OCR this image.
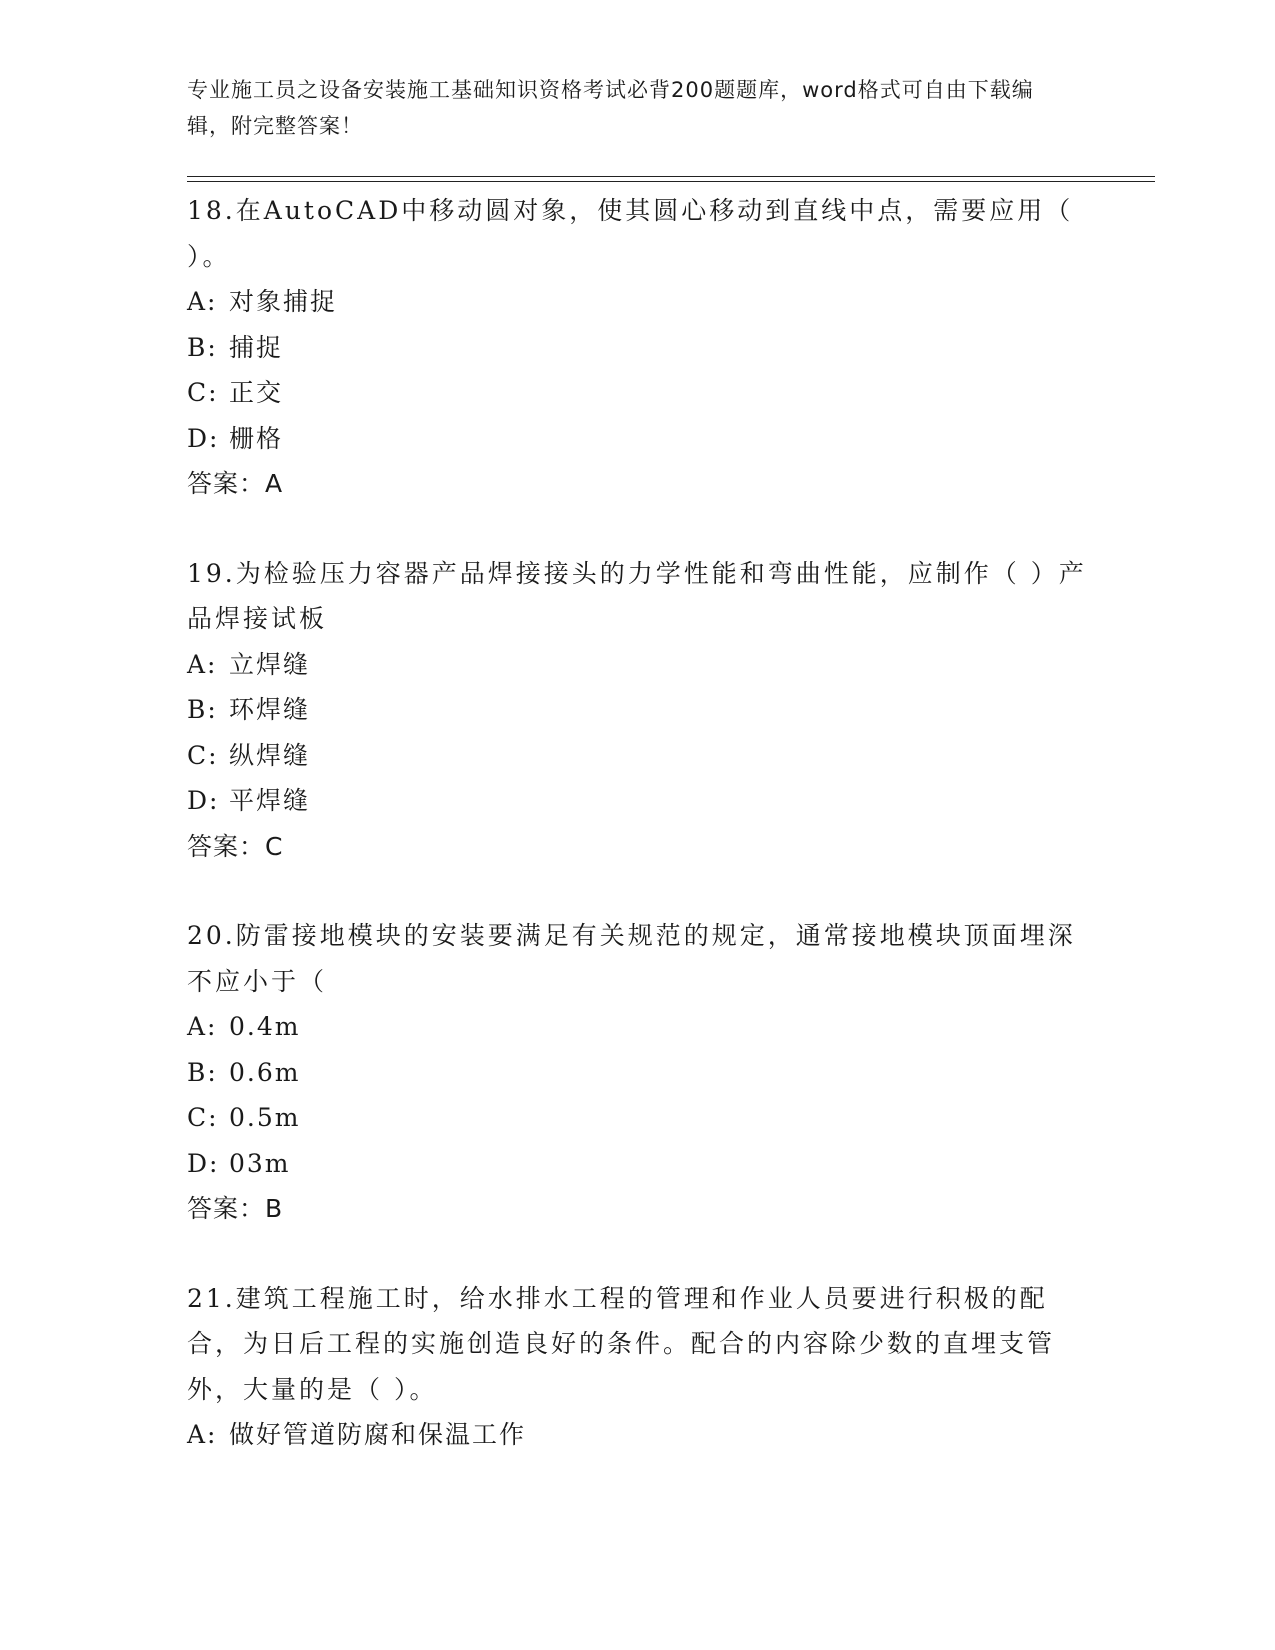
专业施工员之设备安装施工基础知识资格考试必背200题题库，word格式可自由下载编辑，附完整答案！
18.在AutoCAD中移动圆对象，使其圆心移动到直线中点，需要应用（ ）。
A: 对象捕捉
B: 捕捉
C: 正交
D: 栅格
答案：A
19.为检验压力容器产品焊接接头的力学性能和弯曲性能，应制作（ ）产品焊接试板
A: 立焊缝
B: 环焊缝
C: 纵焊缝
D: 平焊缝
答案：C
20.防雷接地模块的安装要满足有关规范的规定，通常接地模块顶面埋深不应小于（
A: 0.4m
B: 0.6m
C: 0.5m
D: 03m
答案：B
21.建筑工程施工时，给水排水工程的管理和作业人员要进行积极的配合，为日后工程的实施创造良好的条件。配合的内容除少数的直埋支管外，大量的是（ ）。
A: 做好管道防腐和保温工作
